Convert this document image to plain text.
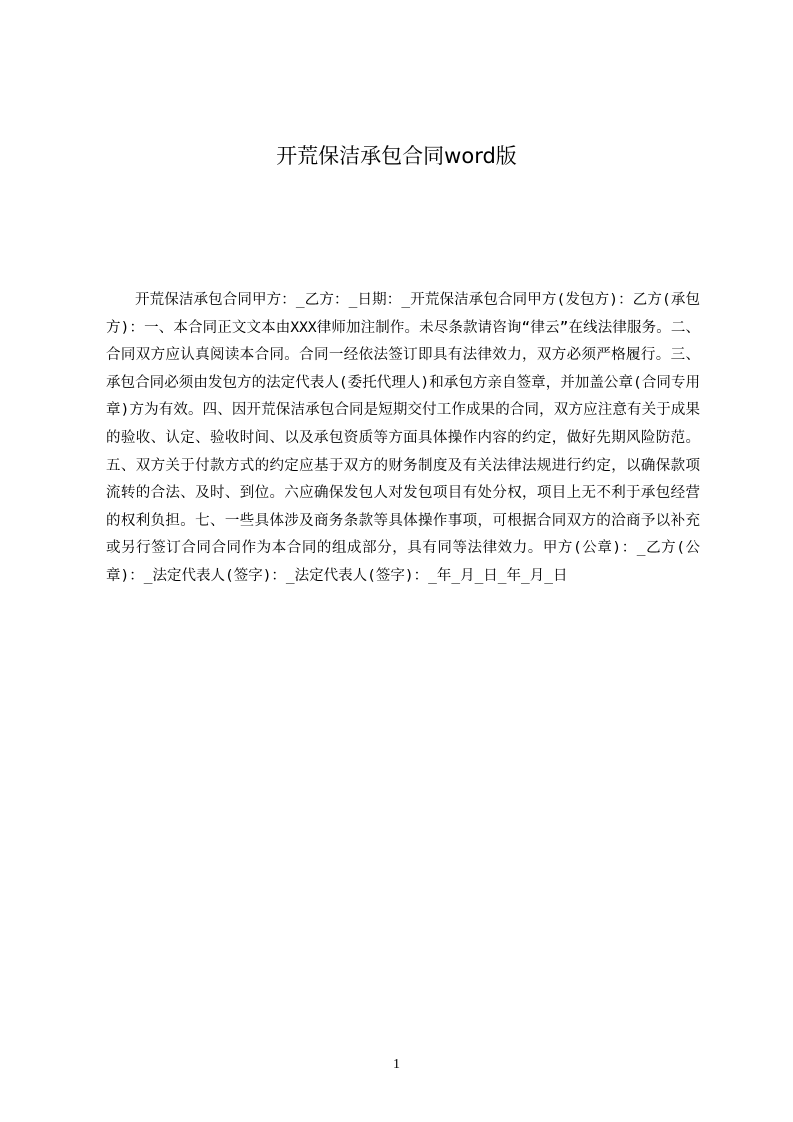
开荒保洁承包合同word版

开荒保洁承包合同甲方：_乙方：_日期：_开荒保洁承包合同甲方(发包方)：乙方(承包方)：一、本合同正文文本由XXX律师加注制作。未尽条款请咨询“律云”在线法律服务。二、合同双方应认真阅读本合同。合同一经依法签订即具有法律效力，双方必须严格履行。三、承包合同必须由发包方的法定代表人(委托代理人)和承包方亲自签章，并加盖公章(合同专用章)方为有效。四、因开荒保洁承包合同是短期交付工作成果的合同，双方应注意有关于成果的验收、认定、验收时间、以及承包资质等方面具体操作内容的约定，做好先期风险防范。五、双方关于付款方式的约定应基于双方的财务制度及有关法律法规进行约定，以确保款项流转的合法、及时、到位。六应确保发包人对发包项目有处分权，项目上无不利于承包经营的权利负担。七、一些具体涉及商务条款等具体操作事项，可根据合同双方的洽商予以补充或另行签订合同合同作为本合同的组成部分，具有同等法律效力。甲方(公章)：_乙方(公章)：_法定代表人(签字)：_法定代表人(签字)：_年_月_日_年_月_日

1
